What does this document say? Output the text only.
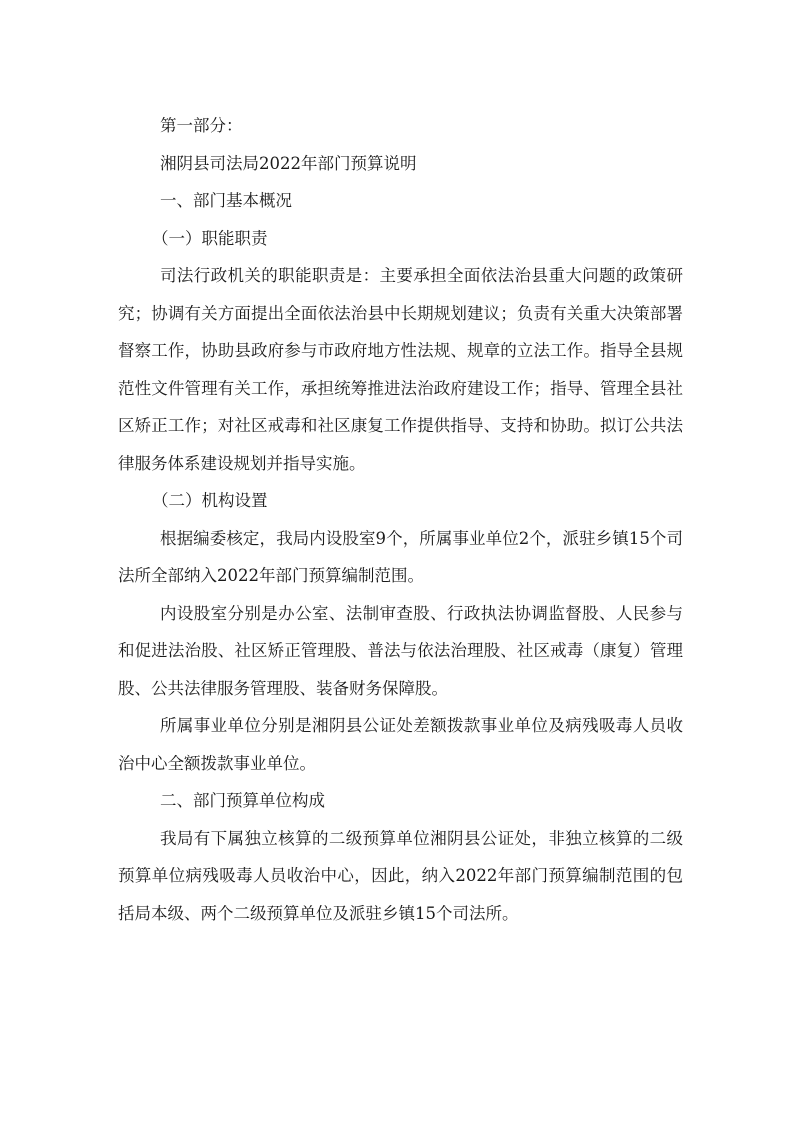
第一部分：
湘阴县司法局2022年部门预算说明
一、部门基本概况
（一）职能职责
司法行政机关的职能职责是：主要承担全面依法治县重大问题的政策研究；协调有关方面提出全面依法治县中长期规划建议；负责有关重大决策部署督察工作，协助县政府参与市政府地方性法规、规章的立法工作。指导全县规范性文件管理有关工作，承担统筹推进法治政府建设工作；指导、管理全县社区矫正工作；对社区戒毒和社区康复工作提供指导、支持和协助。拟订公共法律服务体系建设规划并指导实施。
（二）机构设置
根据编委核定，我局内设股室9个，所属事业单位2个，派驻乡镇15个司法所全部纳入2022年部门预算编制范围。
内设股室分别是办公室、法制审查股、行政执法协调监督股、人民参与和促进法治股、社区矫正管理股、普法与依法治理股、社区戒毒（康复）管理股、公共法律服务管理股、装备财务保障股。
所属事业单位分别是湘阴县公证处差额拨款事业单位及病残吸毒人员收治中心全额拨款事业单位。
二、部门预算单位构成
我局有下属独立核算的二级预算单位湘阴县公证处，非独立核算的二级预算单位病残吸毒人员收治中心，因此，纳入2022年部门预算编制范围的包括局本级、两个二级预算单位及派驻乡镇15个司法所。
